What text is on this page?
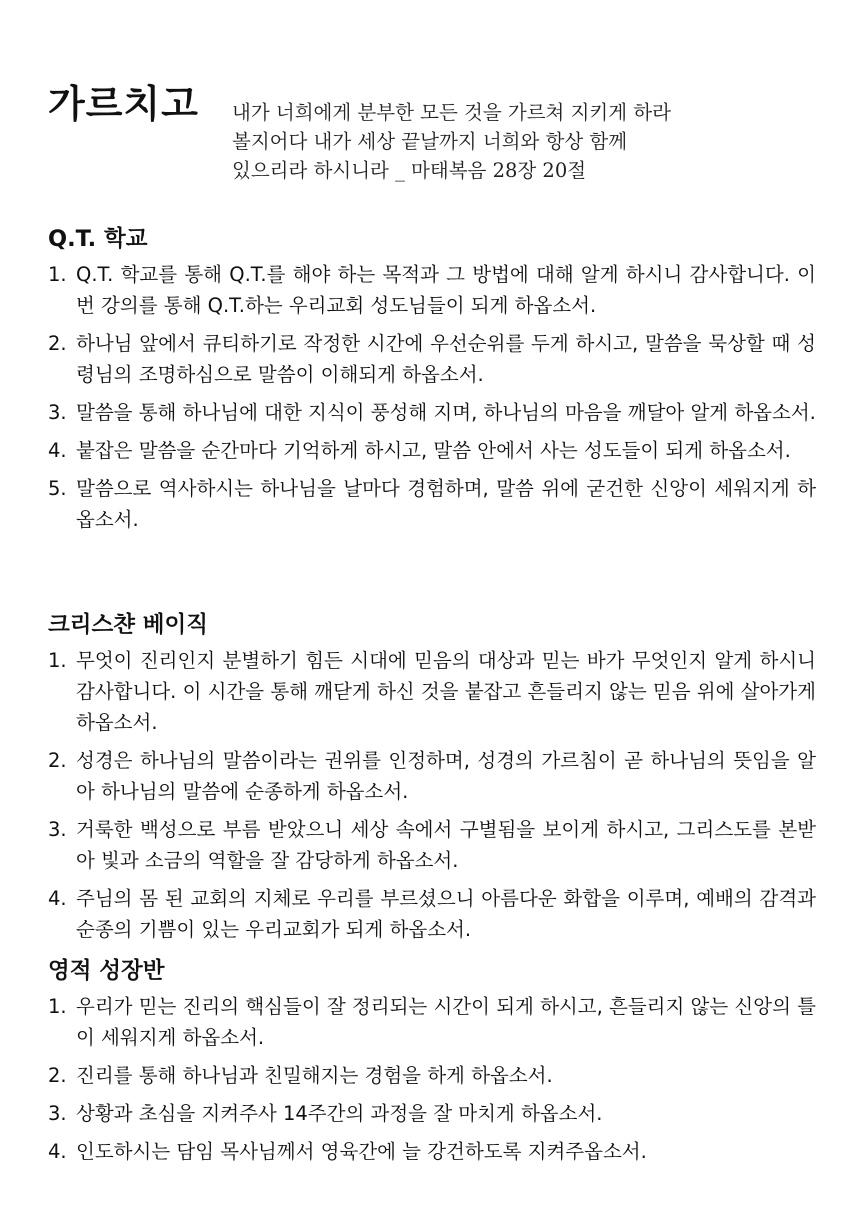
가르치고 내가 너희에게 분부한 모든 것을 가르쳐 지키게 하라
볼지어다 내가 세상 끝날까지 너희와 항상 함께
있으리라 하시니라 _ 마태복음 28장 20절
Q.T. 학교
1. Q.T. 학교를 통해 Q.T.를 해야 하는 목적과 그 방법에 대해 알게 하시니 감사합니다. 이번 강의를 통해 Q.T.하는 우리교회 성도님들이 되게 하옵소서.
2. 하나님 앞에서 큐티하기로 작정한 시간에 우선순위를 두게 하시고, 말씀을 묵상할 때 성령님의 조명하심으로 말씀이 이해되게 하옵소서.
3. 말씀을 통해 하나님에 대한 지식이 풍성해 지며, 하나님의 마음을 깨달아 알게 하옵소서.
4. 붙잡은 말씀을 순간마다 기억하게 하시고, 말씀 안에서 사는 성도들이 되게 하옵소서.
5. 말씀으로 역사하시는 하나님을 날마다 경험하며, 말씀 위에 굳건한 신앙이 세워지게 하옵소서.
크리스챤 베이직
1. 무엇이 진리인지 분별하기 힘든 시대에 믿음의 대상과 믿는 바가 무엇인지 알게 하시니 감사합니다. 이 시간을 통해 깨닫게 하신 것을 붙잡고 흔들리지 않는 믿음 위에 살아가게 하옵소서.
2. 성경은 하나님의 말씀이라는 권위를 인정하며, 성경의 가르침이 곧 하나님의 뜻임을 알아 하나님의 말씀에 순종하게 하옵소서.
3. 거룩한 백성으로 부름 받았으니 세상 속에서 구별됨을 보이게 하시고, 그리스도를 본받아 빛과 소금의 역할을 잘 감당하게 하옵소서.
4. 주님의 몸 된 교회의 지체로 우리를 부르셨으니 아름다운 화합을 이루며, 예배의 감격과 순종의 기쁨이 있는 우리교회가 되게 하옵소서.
영적 성장반
1. 우리가 믿는 진리의 핵심들이 잘 정리되는 시간이 되게 하시고, 흔들리지 않는 신앙의 틀이 세워지게 하옵소서.
2. 진리를 통해 하나님과 친밀해지는 경험을 하게 하옵소서.
3. 상황과 초심을 지켜주사 14주간의 과정을 잘 마치게 하옵소서.
4. 인도하시는 담임 목사님께서 영육간에 늘 강건하도록 지켜주옵소서.
